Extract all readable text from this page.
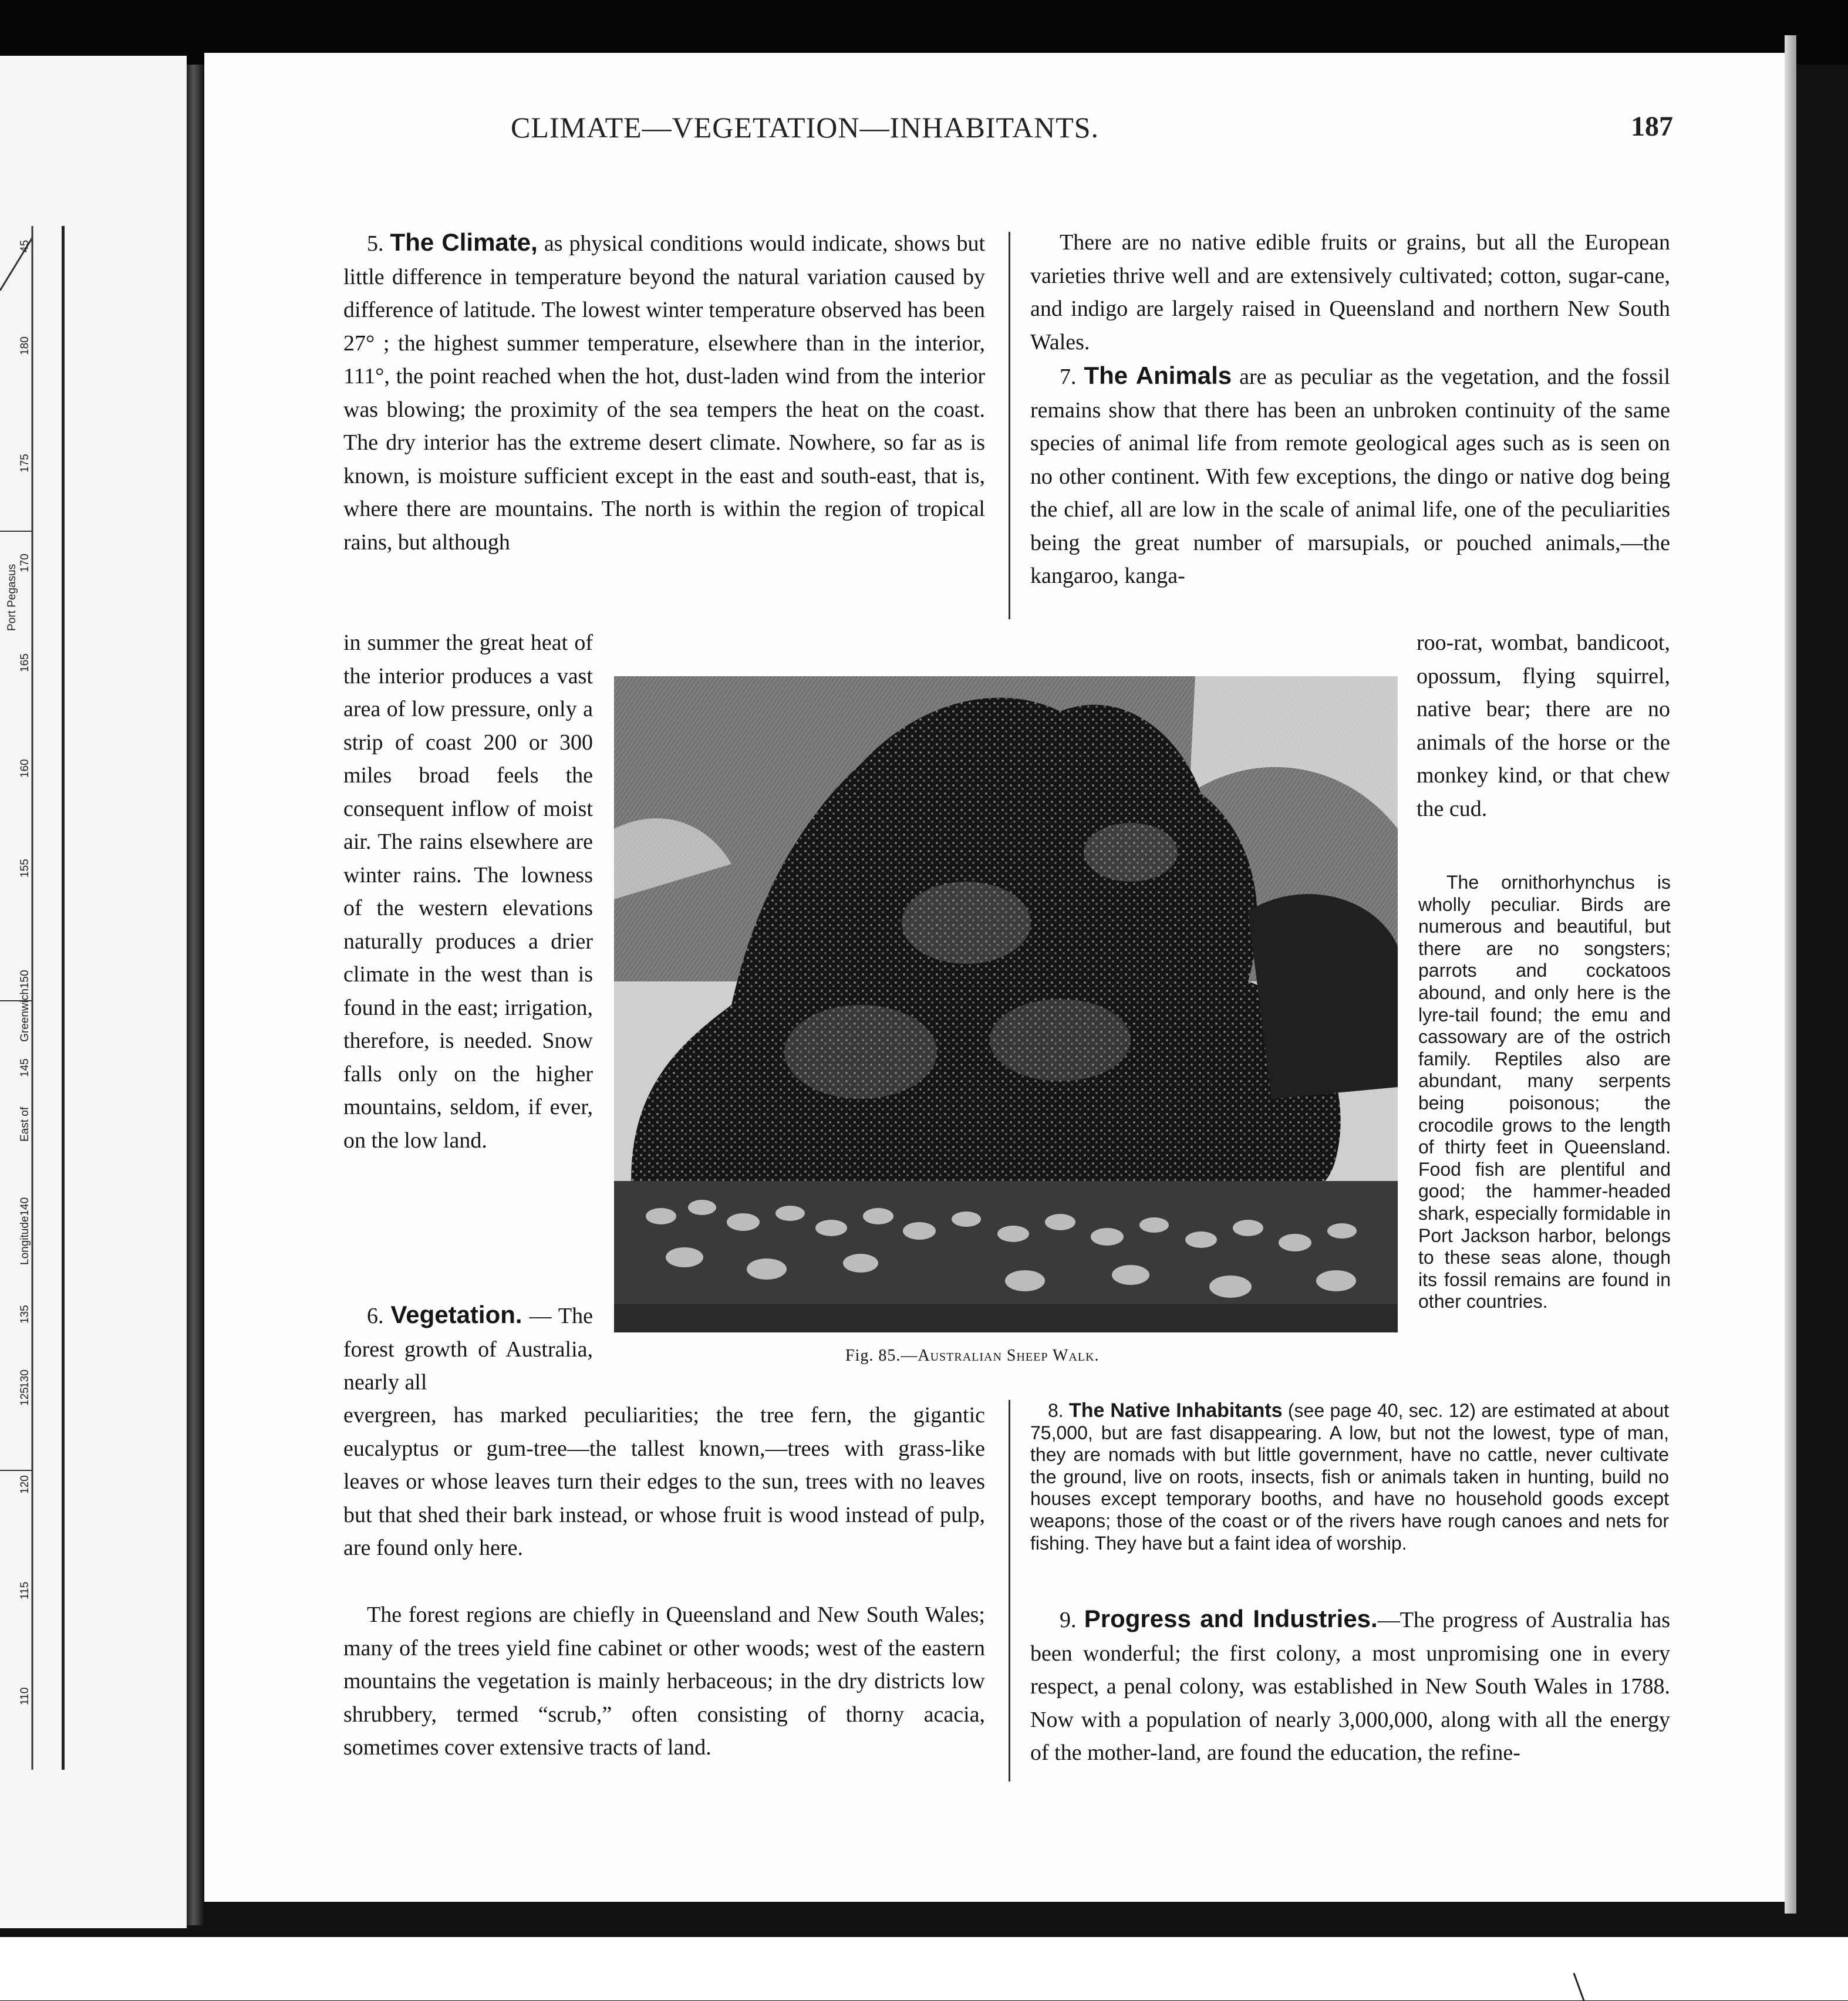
45
180
175
170
Port Pegasus
165
160
155
Greenwich150
145
East of
Longitude140
135
130
125
120
115
110
CLIMATE—VEGETATION—INHABITANTS.	187

5. The Climate, as physical conditions would indicate, shows but little difference in temperature beyond the natural variation caused by difference of latitude. The lowest winter temperature observed has been 27° ; the highest summer temperature, elsewhere than in the interior, 111°, the point reached when the hot, dust-laden wind from the interior was blowing; the proximity of the sea tempers the heat on the coast. The dry interior has the extreme desert climate. Nowhere, so far as is known, is moisture sufficient except in the east and south-east, that is, where there are mountains. The north is within the region of tropical rains, but although

in summer the great heat of the interior produces a vast area of low pressure, only a strip of coast 200 or 300 miles broad feels the consequent inflow of moist air. The rains elsewhere are winter rains. The lowness of the western elevations naturally produces a drier climate in the west than is found in the east; irrigation, therefore, is needed. Snow falls only on the higher mountains, seldom, if ever, on the low land.

6. Vegetation. — The forest growth of Australia, nearly all

evergreen, has marked peculiarities; the tree fern, the gigantic eucalyptus or gum-tree—the tallest known,—trees with grass-like leaves or whose leaves turn their edges to the sun, trees with no leaves but that shed their bark instead, or whose fruit is wood instead of pulp, are found only here.

The forest regions are chiefly in Queensland and New South Wales; many of the trees yield fine cabinet or other woods; west of the eastern mountains the vegetation is mainly herbaceous; in the dry districts low shrubbery, termed “scrub,” often consisting of thorny acacia, sometimes cover extensive tracts of land.

There are no native edible fruits or grains, but all the European varieties thrive well and are extensively cultivated; cotton, sugar-cane, and indigo are largely raised in Queensland and northern New South Wales.

7. The Animals are as peculiar as the vegetation, and the fossil remains show that there has been an unbroken continuity of the same species of animal life from remote geological ages such as is seen on no other continent. With few exceptions, the dingo or native dog being the chief, all are low in the scale of animal life, one of the peculiarities being the great number of marsupials, or pouched animals,—the kangaroo, kanga-

roo-rat, wombat, bandicoot, opossum, flying squirrel, native bear; there are no animals of the horse or the monkey kind, or that chew the cud.

The ornithorhynchus is wholly peculiar. Birds are numerous and beautiful, but there are no songsters; parrots and cockatoos abound, and only here is the lyre-tail found; the emu and cassowary are of the ostrich family. Reptiles also are abundant, many serpents being poisonous; the crocodile grows to the length of thirty feet in Queensland. Food fish are plentiful and good; the hammer-headed shark, especially formidable in Port Jackson harbor, belongs to these seas alone, though its fossil remains are found in other countries.

8. The Native Inhabitants (see page 40, sec. 12) are estimated at about 75,000, but are fast disappearing. A low, but not the lowest, type of man, they are nomads with but little government, have no cattle, never cultivate the ground, live on roots, insects, fish or animals taken in hunting, build no houses except temporary booths, and have no household goods except weapons; those of the coast or of the rivers have rough canoes and nets for fishing. They have but a faint idea of worship.

9. Progress and Industries.—The progress of Australia has been wonderful; the first colony, a most unpromising one in every respect, a penal colony, was established in New South Wales in 1788. Now with a population of nearly 3,000,000, along with all the energy of the mother-land, are found the education, the refine-

Fig. 85.—Australian Sheep Walk.
